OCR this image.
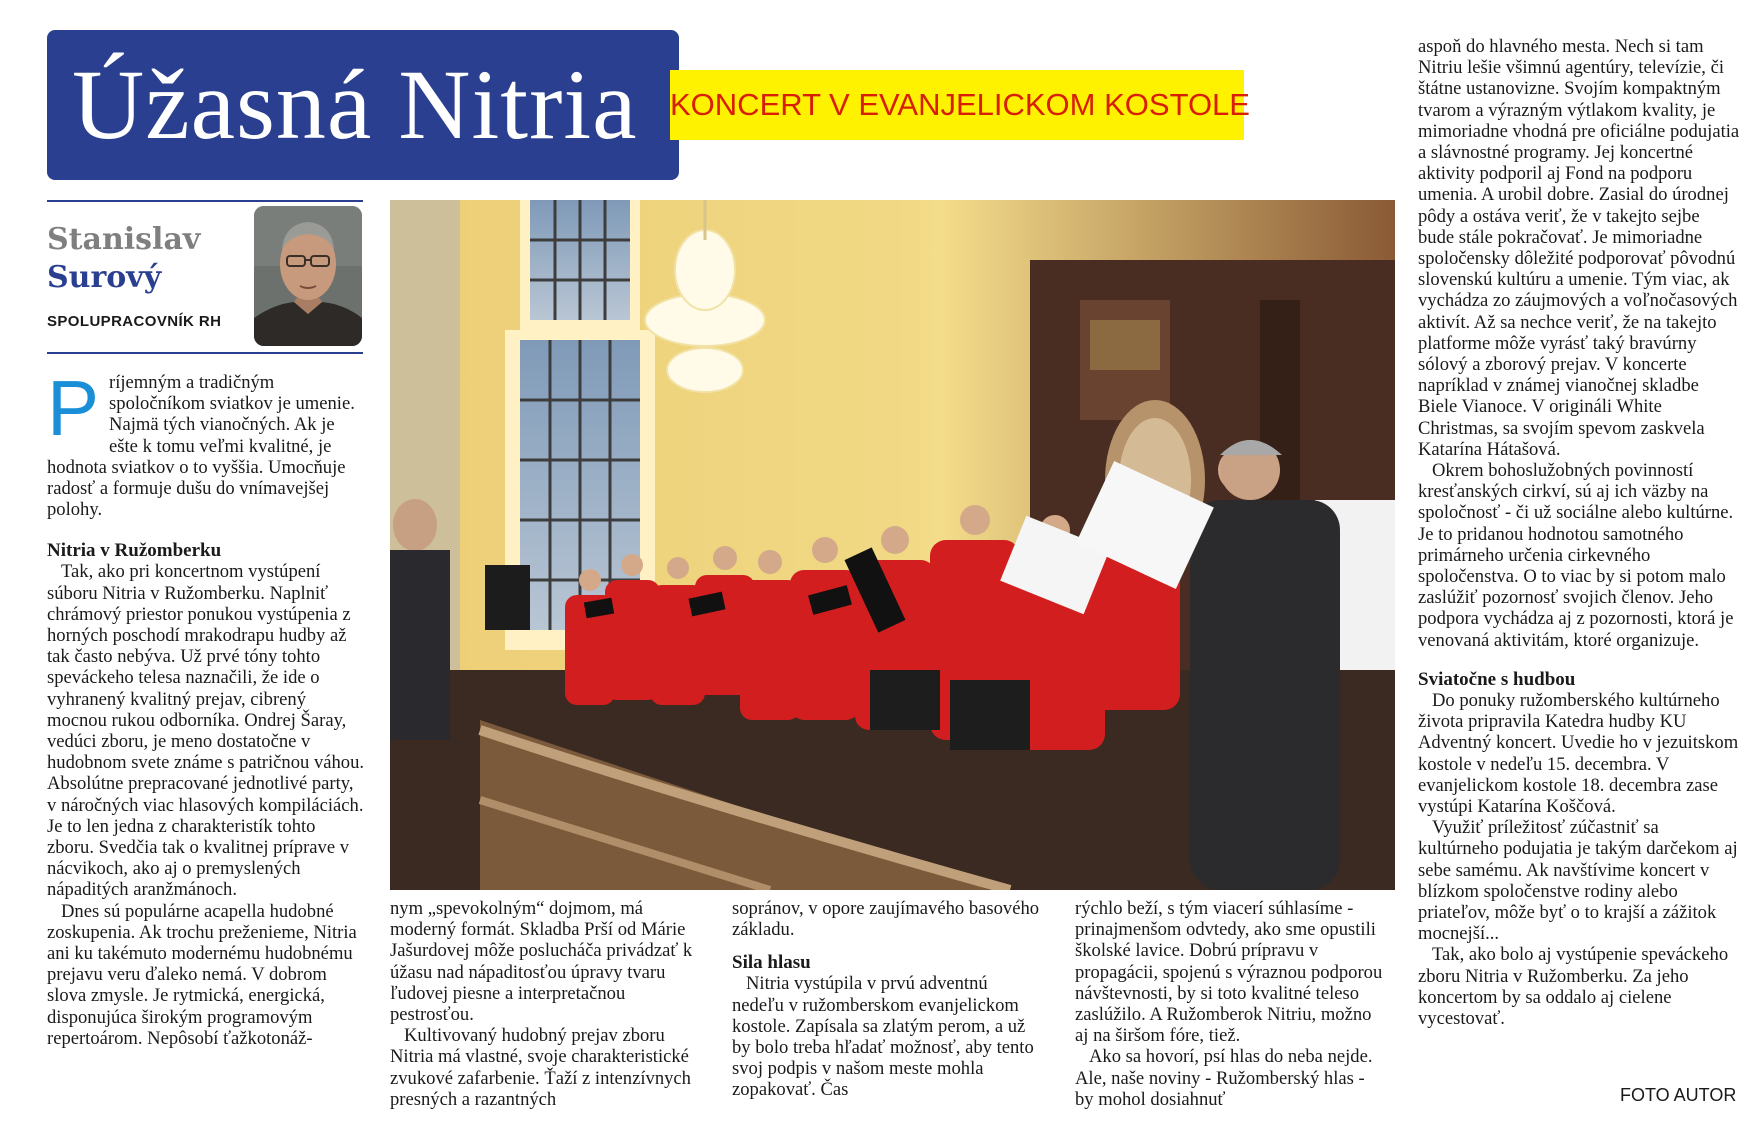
Úžasná Nitria KONCERT V EVANJELICKOM KOSTOLE
Stanislav
Surový
SPOLUPRACOVNÍK RH

P ríjemným a tradičným spoločníkom sviatkov je umenie. Najmä tých vianočných. Ak je ešte k tomu veľmi kvalitné, je hodnota sviatkov o to vyššia. Umocňuje radosť a formuje dušu do vnímavejšej polohy.

Nitria v Ružomberku

Tak, ako pri koncertnom vystúpení súboru Nitria v Ružomberku. Naplniť chrámový priestor ponukou vystúpenia z horných poschodí mrakodrapu hudby až tak často nebýva. Už prvé tóny tohto speváckeho telesa naznačili, že ide o vyhranený kvalitný prejav, cibrený mocnou rukou odborníka. Ondrej Šaray, vedúci zboru, je meno dostatočne v hudobnom svete známe s patričnou váhou. Absolútne prepracované jednotlivé party, v náročných viac hlasových kompiláciách. Je to len jedna z charakteristík tohto zboru. Svedčia tak o kvalitnej príprave v nácvikoch, ako aj o premyslených nápaditých aranžmánoch.

Dnes sú populárne acapella hudobné zoskupenia. Ak trochu preženieme, Nitria ani ku takémuto modernému hudobnému prejavu veru ďaleko nemá. V dobrom slova zmysle. Je rytmická, energická, disponujúca širokým programovým repertoárom. Nepôsobí ťažkotonáž-

nym „spevokolným“ dojmom, má moderný formát. Skladba Prší od Márie Jašurdovej môže poslucháča privádzať k úžasu nad nápaditosťou úpravy tvaru ľudovej piesne a interpretačnou pestrosťou.

Kultivovaný hudobný prejav zboru Nitria má vlastné, svoje charakteristické zvukové zafarbenie. Ťaží z intenzívnych presných a razantných

sopránov, v opore zaujímavého basového základu.

Sila hlasu

Nitria vystúpila v prvú adventnú nedeľu v ružomberskom evanjelickom kostole. Zapísala sa zlatým perom, a už by bolo treba hľadať možnosť, aby tento svoj podpis v našom meste mohla zopakovať. Čas

rýchlo beží, s tým viacerí súhlasíme - prinajmenšom odvtedy, ako sme opustili školské lavice. Dobrú prípravu v propagácii, spojenú s výraznou podporou návštevnosti, by si toto kvalitné teleso zaslúžilo. A Ružomberok Nitriu, možno aj na širšom fóre, tiež.

Ako sa hovorí, psí hlas do neba nejde. Ale, naše noviny - Ružomberský hlas - by mohol dosiahnuť

aspoň do hlavného mesta. Nech si tam Nitriu lešie všimnú agentúry, televízie, či štátne ustanovizne. Svojím kompaktným tvarom a výrazným výtlakom kvality, je mimoriadne vhodná pre oficiálne podujatia a slávnostné programy. Jej koncertné aktivity podporil aj Fond na podporu umenia. A urobil dobre. Zasial do úrodnej pôdy a ostáva veriť, že v takejto sejbe bude stále pokračovať. Je mimoriadne spoločensky dôležité podporovať pôvodnú slovenskú kultúru a umenie. Tým viac, ak vychádza zo záujmových a voľnočasových aktivít. Až sa nechce veriť, že na takejto platforme môže vyrásť taký bravúrny sólový a zborový prejav. V koncerte napríklad v známej vianočnej skladbe Biele Vianoce. V origináli White Christmas, sa svojím spevom zaskvela Katarína Hátašová.

Okrem bohoslužobných povinností kresťanských cirkví, sú aj ich väzby na spoločnosť - či už sociálne alebo kultúrne. Je to pridanou hodnotou samotného primárneho určenia cirkevného spoločenstva. O to viac by si potom malo zaslúžiť pozornosť svojich členov. Jeho podpora vychádza aj z pozornosti, ktorá je venovaná aktivitám, ktoré organizuje.

Sviatočne s hudbou

Do ponuky ružomberského kultúrneho života pripravila Katedra hudby KU Adventný koncert. Uvedie ho v jezuitskom kostole v nedeľu 15. decembra. V evanjelickom kostole 18. decembra zase vystúpi Katarína Koščová.

Využiť príležitosť zúčastniť sa kultúrneho podujatia je takým darčekom aj sebe samému. Ak navštívime koncert v blízkom spoločenstve rodiny alebo priateľov, môže byť o to krajší a zážitok mocnejší...

Tak, ako bolo aj vystúpenie speváckeho zboru Nitria v Ružomberku. Za jeho koncertom by sa oddalo aj cielene vycestovať.

FOTO AUTOR
